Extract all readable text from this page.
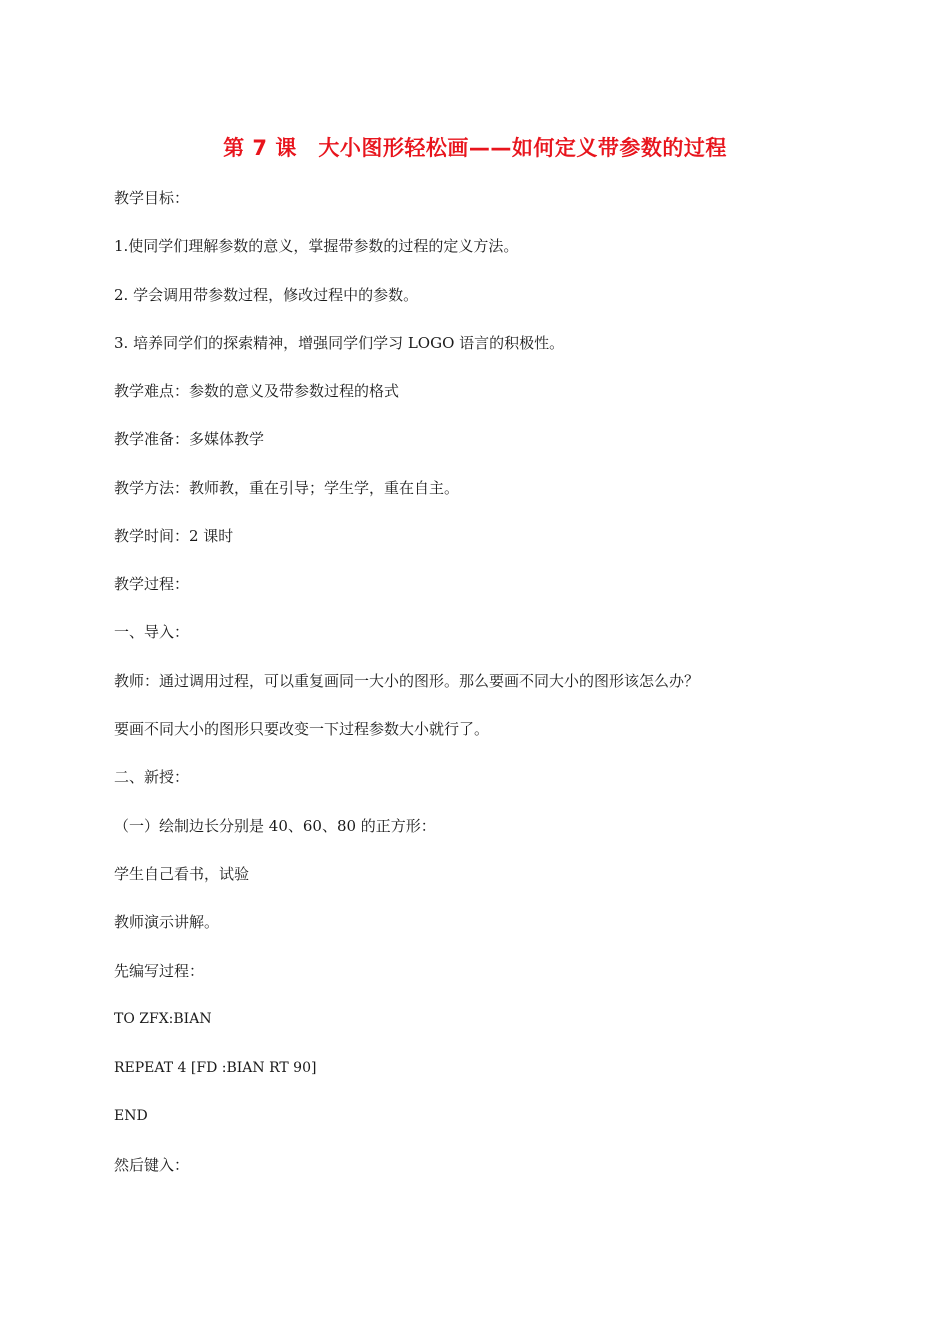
第 7 课　大小图形轻松画——如何定义带参数的过程
教学目标：
1.使同学们理解参数的意义，掌握带参数的过程的定义方法。
2. 学会调用带参数过程，修改过程中的参数。
3. 培养同学们的探索精神，增强同学们学习 LOGO 语言的积极性。
教学难点：参数的意义及带参数过程的格式
教学准备：多媒体教学
教学方法：教师教，重在引导；学生学，重在自主。
教学时间：2 课时
教学过程：
一、导入：
教师：通过调用过程，可以重复画同一大小的图形。那么要画不同大小的图形该怎么办？
要画不同大小的图形只要改变一下过程参数大小就行了。
二、新授：
（一）绘制边长分别是 40、60、80 的正方形：
学生自己看书，试验
教师演示讲解。
先编写过程：
TO ZFX:BIAN
REPEAT 4 [FD :BIAN RT 90]
END
然后键入：
